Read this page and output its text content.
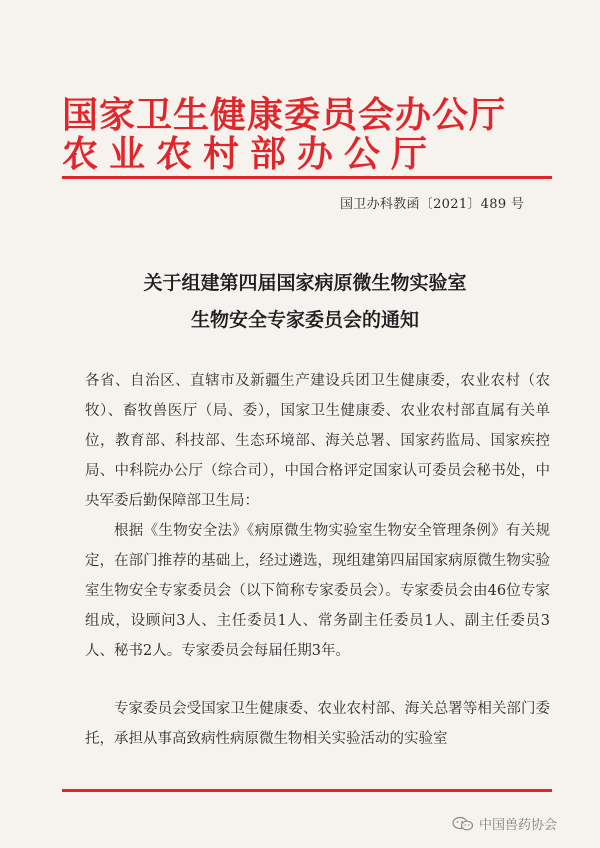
国家卫生健康委员会办公厅
农业农村部办公厅
国卫办科教函〔2021〕489 号
关于组建第四届国家病原微生物实验室
生物安全专家委员会的通知
各省、自治区、直辖市及新疆生产建设兵团卫生健康委，农业农村（农牧）、畜牧兽医厅（局、委），国家卫生健康委、农业农村部直属有关单位，教育部、科技部、生态环境部、海关总署、国家药监局、国家疾控局、中科院办公厅（综合司），中国合格评定国家认可委员会秘书处，中央军委后勤保障部卫生局：
根据《生物安全法》《病原微生物实验室生物安全管理条例》有关规定，在部门推荐的基础上，经过遴选，现组建第四届国家病原微生物实验室生物安全专家委员会（以下简称专家委员会）。专家委员会由46位专家组成，设顾问3人、主任委员1人、常务副主任委员1人、副主任委员3人、秘书2人。专家委员会每届任期3年。
专家委员会受国家卫生健康委、农业农村部、海关总署等相关部门委托，承担从事高致病性病原微生物相关实验活动的实验室
中国兽药协会
